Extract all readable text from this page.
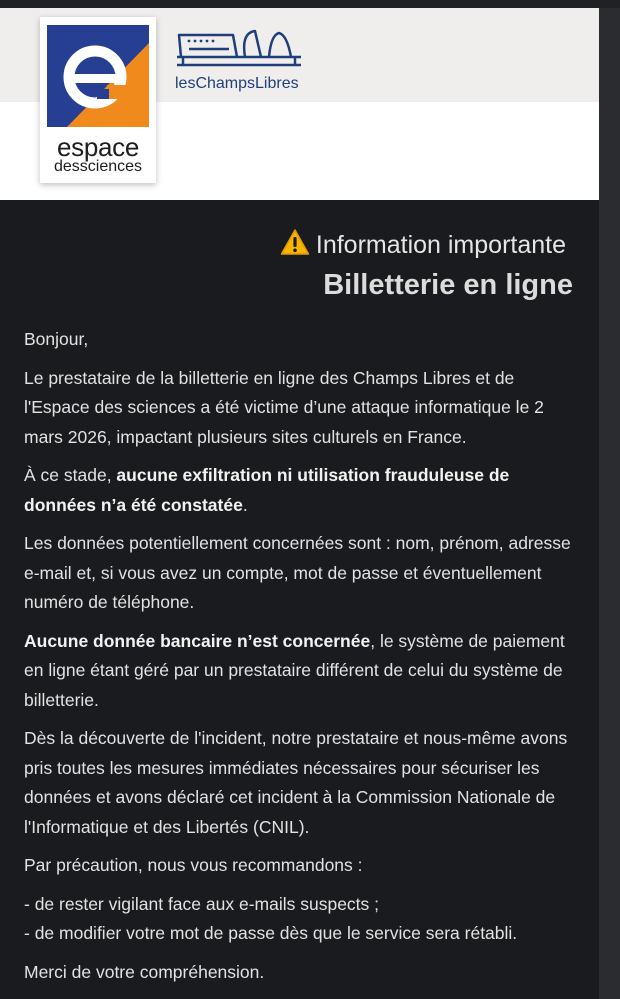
espace
dessciences
lesChampsLibres
Information importante
Billetterie en ligne

Bonjour,

Le prestataire de la billetterie en ligne des Champs Libres et de l'Espace des sciences a été victime d’une attaque informatique le 2 mars 2026, impactant plusieurs sites culturels en France.

À ce stade, aucune exfiltration ni utilisation frauduleuse de données n’a été constatée.

Les données potentiellement concernées sont : nom, prénom, adresse e-mail et, si vous avez un compte, mot de passe et éventuellement numéro de téléphone.

Aucune donnée bancaire n’est concernée, le système de paiement en ligne étant géré par un prestataire différent de celui du système de billetterie.

Dès la découverte de l'incident, notre prestataire et nous-même avons pris toutes les mesures immédiates nécessaires pour sécuriser les données et avons déclaré cet incident à la Commission Nationale de l'Informatique et des Libertés (CNIL).

Par précaution, nous vous recommandons :

- de rester vigilant face aux e-mails suspects ;
- de modifier votre mot de passe dès que le service sera rétabli.

Merci de votre compréhension.
